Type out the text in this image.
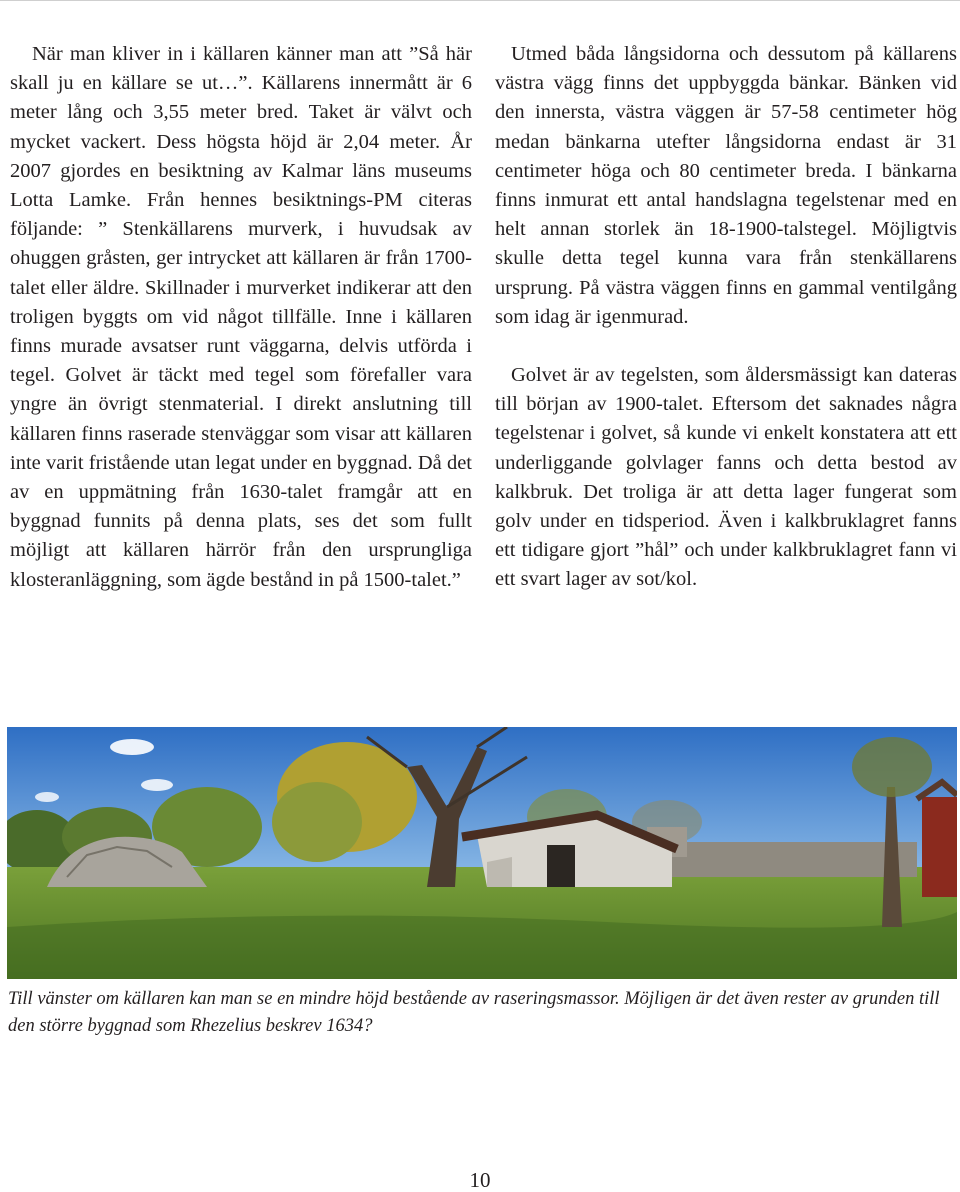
När man kliver in i källaren känner man att ”Så här skall ju en källare se ut…”. Källarens innermått är 6 meter lång och 3,55 meter bred. Taket är välvt och mycket vackert. Dess högsta höjd är 2,04 meter. År 2007 gjordes en besiktning av Kalmar läns museums Lotta Lamke. Från hennes besiktnings-PM citeras följande: ” Stenkällarens murverk, i huvudsak av ohuggen gråsten, ger intrycket att källaren är från 1700-talet eller äldre. Skillnader i murverket indikerar att den troligen byggts om vid något tillfälle. Inne i källaren finns murade avsatser runt väggarna, delvis utförda i tegel. Golvet är täckt med tegel som förefaller vara yngre än övrigt stenmaterial. I direkt anslutning till källaren finns raserade stenväggar som visar att källaren inte varit fristående utan legat under en byggnad. Då det av en uppmätning från 1630-talet framgår att en byggnad funnits på denna plats, ses det som fullt möjligt att källaren härrör från den ursprungliga klosteranläggning, som ägde bestånd in på 1500-talet.”

Utmed båda långsidorna och dessutom på källarens västra vägg finns det uppbyggda bänkar. Bänken vid den innersta, västra väggen är 57-58 centimeter hög medan bänkarna utefter långsidorna endast är 31 centimeter höga och 80 centimeter breda. I bänkarna finns inmurat ett antal handslagna tegelstenar med en helt annan storlek än 18-1900-talstegel. Möjligtvis skulle detta tegel kunna vara från stenkällarens ursprung. På västra väggen finns en gammal ventilgång som idag är igenmurad.

Golvet är av tegelsten, som åldersmässigt kan dateras till början av 1900-talet. Eftersom det saknades några tegelstenar i golvet, så kunde vi enkelt konstatera att ett underliggande golvlager fanns och detta bestod av kalkbruk. Det troliga är att detta lager fungerat som golv under en tidsperiod. Även i kalkbruklagret fanns ett tidigare gjort ”hål” och under kalkbruklagret fann vi ett svart lager av sot/kol.

Till vänster om källaren kan man se en mindre höjd bestående av raseringsmassor. Möjligen är det även rester av grunden till den större byggnad som Rhezelius beskrev 1634?

10
